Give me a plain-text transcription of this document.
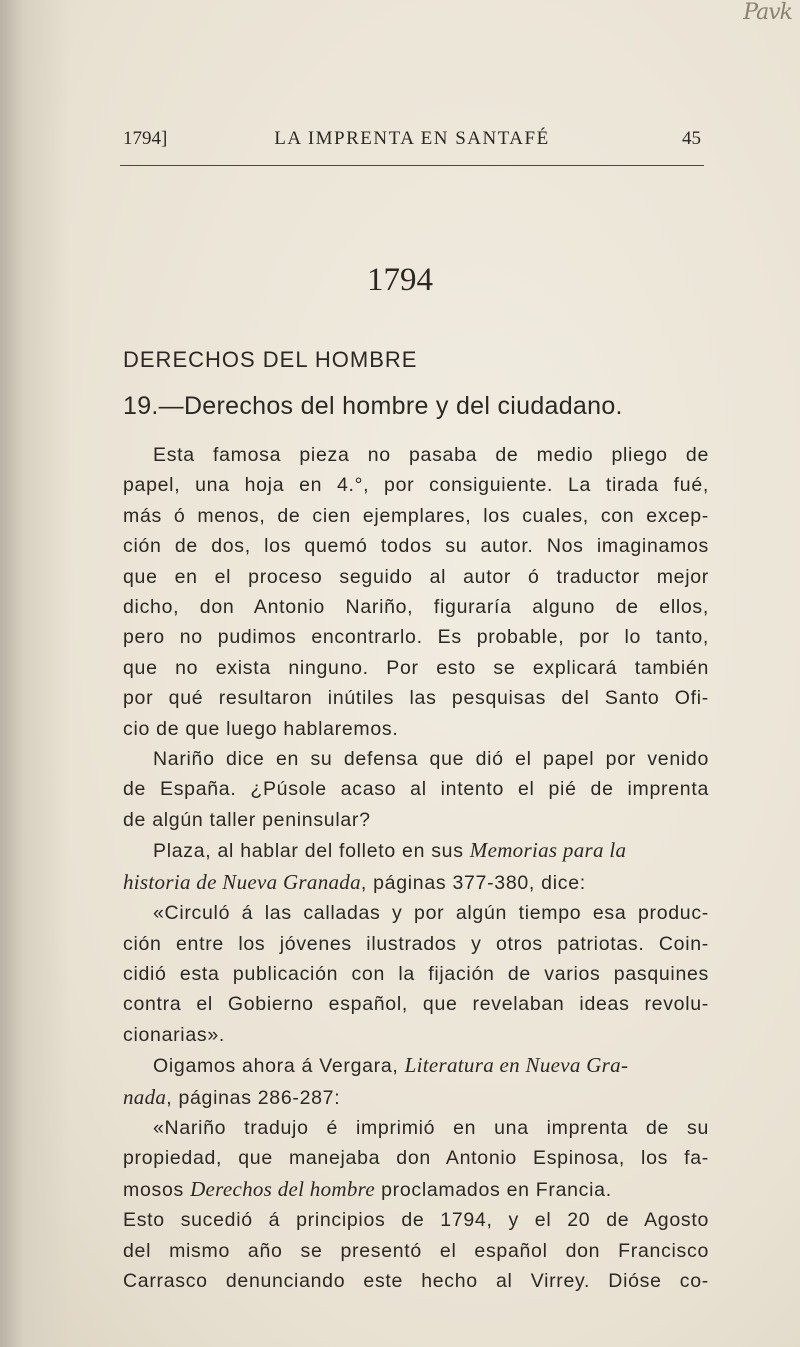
Pavk
1794]	LA IMPRENTA EN SANTAFÉ	45
1794
DERECHOS DEL HOMBRE
19.—Derechos del hombre y del ciudadano.
Esta famosa pieza no pasaba de medio pliego de
papel, una hoja en 4.°, por consiguiente. La tirada fué,
más ó menos, de cien ejemplares, los cuales, con excep-
ción de dos, los quemó todos su autor. Nos imaginamos
que en el proceso seguido al autor ó traductor mejor
dicho, don Antonio Nariño, figuraría alguno de ellos,
pero no pudimos encontrarlo. Es probable, por lo tanto,
que no exista ninguno. Por esto se explicará también
por qué resultaron inútiles las pesquisas del Santo Ofi-
cio de que luego hablaremos.
Nariño dice en su defensa que dió el papel por venido
de España. ¿Púsole acaso al intento el pié de imprenta
de algún taller peninsular?
Plaza, al hablar del folleto en sus Memorias para la
historia de Nueva Granada, páginas 377-380, dice:
«Circuló á las calladas y por algún tiempo esa produc-
ción entre los jóvenes ilustrados y otros patriotas. Coin-
cidió esta publicación con la fijación de varios pasquines
contra el Gobierno español, que revelaban ideas revolu-
cionarias».
Oigamos ahora á Vergara, Literatura en Nueva Gra-
nada, páginas 286-287:
«Nariño tradujo é imprimió en una imprenta de su
propiedad, que manejaba don Antonio Espinosa, los fa-
mosos Derechos del hombre proclamados en Francia.
Esto sucedió á principios de 1794, y el 20 de Agosto
del mismo año se presentó el español don Francisco
Carrasco denunciando este hecho al Virrey. Dióse co-
